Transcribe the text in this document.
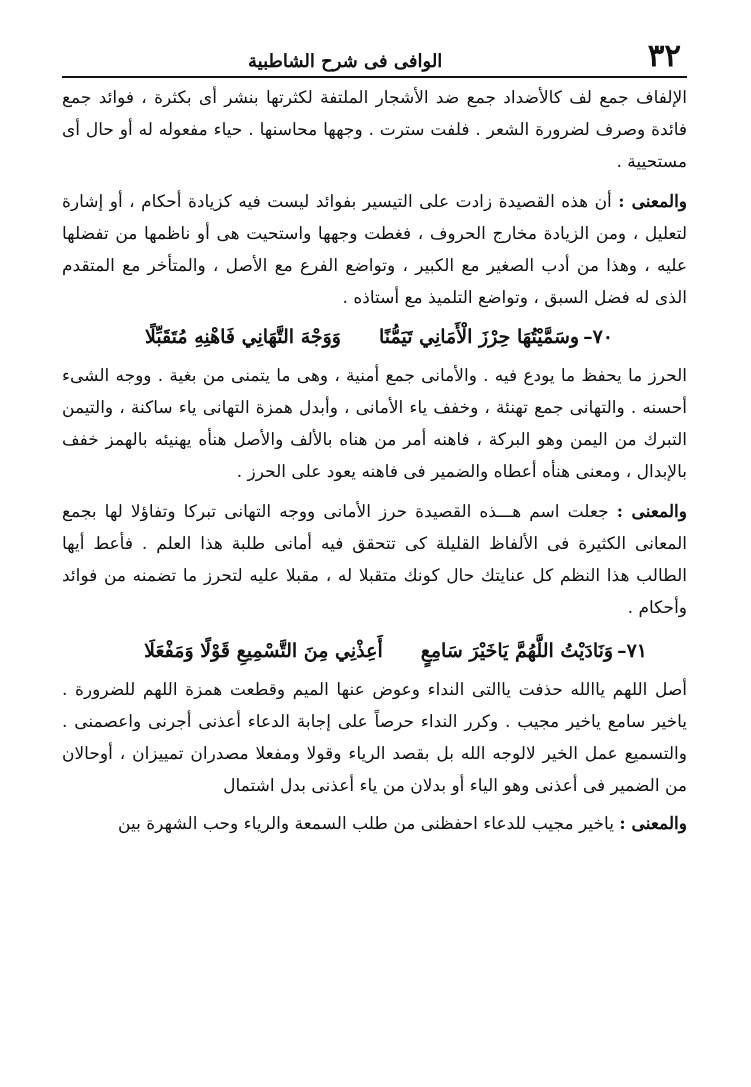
٣٢
الوافى فى شرح الشاطبية

الإلفاف جمع لف كالأضداد جمع ضد الأشجار الملتفة لكثرتها بنشر أى بكثرة ، فوائد جمع فائدة وصرف لضرورة الشعر . فلفت سترت . وجهها محاسنها . حياء مفعوله له أو حال أى مستحيية .

والمعنى : أن هذه القصيدة زادت على التيسير بفوائد ليست فيه كزيادة أحكام ، أو إشارة لتعليل ، ومن الزيادة مخارج الحروف ، فغطت وجهها واستحيت هى أو ناظمها من تفضلها عليه ، وهذا من أدب الصغير مع الكبير ، وتواضع الفرع مع الأصل ، والمتأخر مع المتقدم الذى له فضل السبق ، وتواضع التلميذ مع أستاذه .

٧٠–
وسَمَّيْتُهَا حِرْزَ الْأَمَانِي تَيَمُّنًا
وَوَجْهَ التَّهَانِي فَاهْنِهِ مُتَقَبِّلًا

الحرز ما يحفظ ما يودع فيه . والأمانى جمع أمنية ، وهى ما يتمنى من بغية . ووجه الشىء أحسنه . والتهانى جمع تهنئة ، وخفف ياء الأمانى ، وأبدل همزة التهانى ياء ساكنة ، والتيمن التبرك من اليمن وهو البركة ، فاهنه أمر من هناه بالألف والأصل هنأه يهنيئه بالهمز خفف بالإبدال ، ومعنى هنأه أعطاه والضمير فى فاهنه يعود على الحرز .

والمعنى : جعلت اسم هـــذه القصيدة حرز الأمانى ووجه التهانى تبركا وتفاؤلا لها بجمع المعانى الكثيرة فى الألفاظ القليلة كى تتحقق فيه أمانى طلبة هذا العلم . فأعط أيها الطالب هذا النظم كل عنايتك حال كونك متقبلا له ، مقبلا عليه لتحرز ما تضمنه من فوائد وأحكام .

٧١–
وَنَادَيْتُ اللَّهُمَّ يَاخَيْرَ سَامِعٍ
أَعِذْنِي مِنَ التَّسْمِيعِ قَوْلًا وَمَفْعَلَا

أصل اللهم ياالله حذفت ياالتى النداء وعوض عنها الميم وقطعت همزة اللهم للضرورة . ياخير سامع ياخير مجيب . وكرر النداء حرصاً على إجابة الدعاء أعذنى أجرنى واعصمنى . والتسميع عمل الخير لالوجه الله بل بقصد الرياء وقولا ومفعلا مصدران تمييزان ، أوحالان من الضمير فى أعذنى وهو الياء أو بدلان من ياء أعذنى بدل اشتمال

والمعنى : ياخير مجيب للدعاء احفظنى من طلب السمعة والرياء وحب الشهرة بين
